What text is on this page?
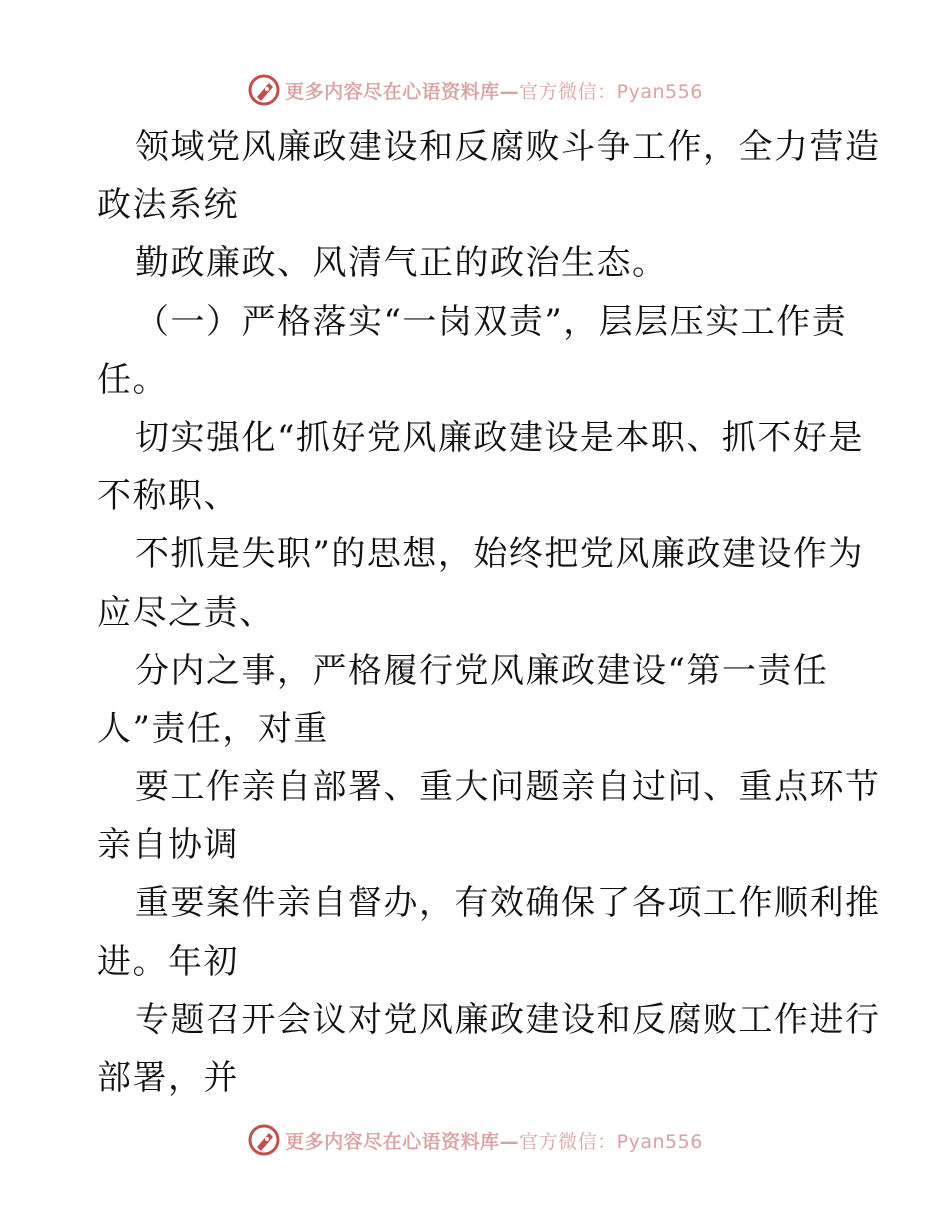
更多内容尽在心语资料库—官方微信：Pyan556
领域党风廉政建设和反腐败斗争工作，全力营造
政法系统
勤政廉政、风清气正的政治生态。
（一）严格落实“一岗双责”，层层压实工作责
任。
切实强化“抓好党风廉政建设是本职、抓不好是
不称职、
不抓是失职”的思想，始终把党风廉政建设作为
应尽之责、
分内之事，严格履行党风廉政建设“第一责任
人”责任，对重
要工作亲自部署、重大问题亲自过问、重点环节
亲自协调
重要案件亲自督办，有效确保了各项工作顺利推
进。年初
专题召开会议对党风廉政建设和反腐败工作进行
部署，并
更多内容尽在心语资料库—官方微信：Pyan556
